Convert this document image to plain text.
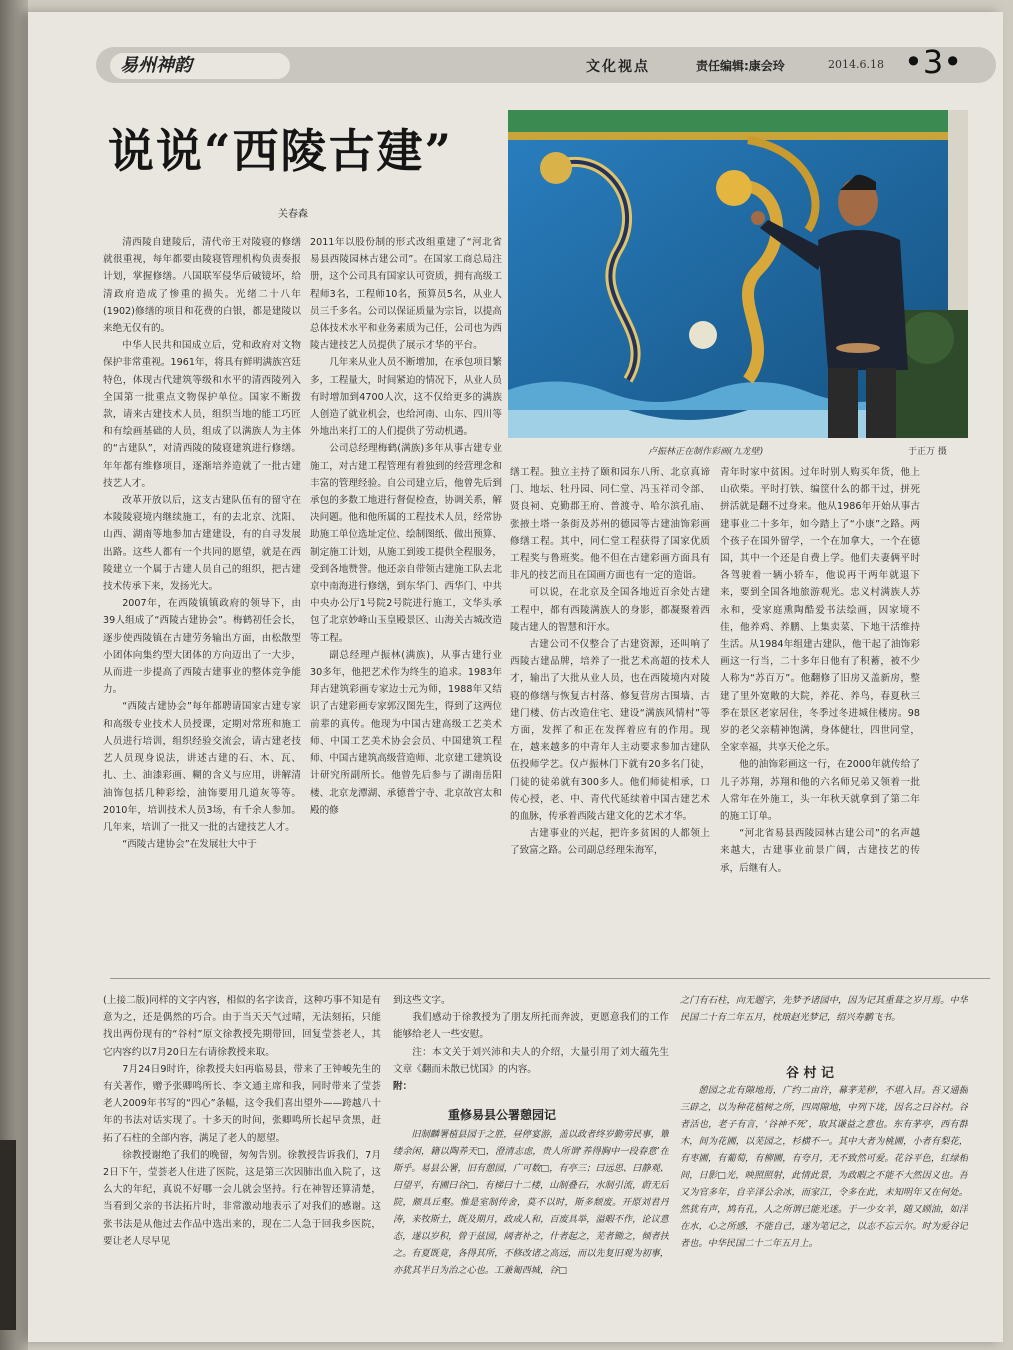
易州神韵	文化视点	责任编辑:康会玲	2014.6.18 •3•
说说“西陵古建”
关春森
卢振林正在制作彩画(九龙壁)	于正万 摄

清西陵自建陵后，清代帝王对陵寝的修缮就很重视，每年都要由陵寝管理机构负责奏报计划，掌握修缮。八国联军侵华后破镜坏，给清政府造成了惨重的损失。光绪二十八年(1902)修缮的项目和花费的白银，都是建陵以来绝无仅有的。

中华人民共和国成立后，党和政府对文物保护非常重视。1961年，将具有鲜明满族宫廷特色，体现古代建筑等级和水平的清西陵列入全国第一批重点文物保护单位。国家不断拨款，请来古建技术人员，组织当地的能工巧匠和有绘画基础的人员，组成了以满族人为主体的“古建队”，对清西陵的陵寝建筑进行修缮。年年都有维修项目，逐渐培养造就了一批古建技艺人才。

改革开放以后，这支古建队伍有的留守在本陵陵寝境内继续施工，有的去北京、沈阳、山西、湖南等地参加古建建设，有的自寻发展出路。这些人都有一个共同的愿望，就是在西陵建立一个属于古建人员自己的组织，把古建技术传承下来，发扬光大。

2007年，在西陵镇镇政府的领导下，由39人组成了“西陵古建协会”。梅鹤初任会长，逐步使西陵镇在古建劳务输出方面，由松散型小团体向集约型大团体的方向迈出了一大步，从而进一步提高了西陵古建事业的整体竞争能力。

“西陵古建协会”每年都聘请国家古建专家和高级专业技术人员授课，定期对常班和施工人员进行培训，组织经验交流会，请古建老技艺人员现身说法，讲述古建的石、木、瓦、扎、土、油漆彩画、糊的含义与应用，讲解清油饰包括几种彩绘，油饰要用几道灰等等。2010年，培训技术人员3场，有千余人参加。几年来，培训了一批又一批的古建技艺人才。

“西陵古建协会”在发展壮大中于

2011年以股份制的形式改组重建了“河北省易县西陵园林古建公司”。在国家工商总局注册，这个公司具有国家认可资质，拥有高级工程师3名，工程师10名，预算员5名，从业人员三千多名。公司以保证质量为宗旨，以提高总体技术水平和业务素质为己任，公司也为西陵古建技艺人员提供了展示才华的平台。

几年来从业人员不断增加，在承包项目繁多，工程量大，时间紧迫的情况下，从业人员有时增加到4700人次，这不仅给更多的满族人创造了就业机会，也给河南、山东、四川等外地出来打工的人们提供了劳动机遇。

公司总经理梅鹤(满族)多年从事古建专业施工，对古建工程管理有着独到的经营理念和丰富的管理经验。自公司建立后，他曾先后到承包的多数工地进行督促检查，协调关系，解决问题。他和他所属的工程技术人员，经常协助施工单位选址定位、绘制图纸、做出预算、制定施工计划，从施工到竣工提供全程服务，受到各地赞誉。他还亲自带领古建施工队去北京中南海进行修缮，到东华门、西华门、中共中央办公厅1号院2号院进行施工，文华头承包了北京妙峰山玉皇殿景区、山海关古城改造等工程。

副总经理卢振林(满族)，从事古建行业30多年，他把艺术作为终生的追求。1983年拜古建筑彩画专家边士元为师，1988年又结识了古建彩画专家郭汉图先生，得到了这两位前辈的真传。他现为中国古建高级工艺美术师、中国工艺美术协会会员、中国建筑工程师、中国古建筑高级营造师、北京建工建筑设计研究所副所长。他曾先后参与了湖南岳阳楼、北京龙潭湖、承德普宁寺、北京故宫太和殿的修

缮工程。独立主持了颐和园东八所、北京真谛门、地坛、牡丹园、同仁堂、冯玉祥司令部、贤良祠、克勤郡王府、普渡寺、哈尔滨孔庙、张掖土塔一条街及苏州的德园等古建油饰彩画修缮工程。其中，同仁堂工程获得了国家优质工程奖与鲁班奖。他不但在古建彩画方面具有非凡的技艺而且在国画方面也有一定的造诣。

可以说，在北京及全国各地近百余处古建工程中，都有西陵满族人的身影，都凝聚着西陵古建人的智慧和汗水。

古建公司不仅整合了古建资源，还叫响了西陵古建品牌，培养了一批艺术高超的技术人才，输出了大批从业人员，也在西陵境内对陵寝的修缮与恢复古村落、修复营房古围墙、古建门楼、仿古改造住宅、建设“满族风情村”等方面，发挥了和正在发挥着应有的作用。现在，越来越多的中青年人主动要求参加古建队伍投师学艺。仅卢振林门下就有20多名门徒，门徒的徒弟就有300多人。他们师徒相承，口传心授，老、中、青代代延续着中国古建艺术的血脉，传承着西陵古建文化的艺术才华。

古建事业的兴起，把许多贫困的人都领上了致富之路。公司副总经理朱海军，

青年时家中贫困。过年时别人购买年货，他上山砍柴。平时打铁、编筐什么的都干过，拼死拼活就是翻不过身来。他从1986年开始从事古建事业二十多年，如今踏上了“小康”之路。两个孩子在国外留学，一个在加拿大，一个在德国，其中一个还是自费上学。他们夫妻俩平时各驾驶着一辆小轿车，他说再干两年就退下来，要到全国各地旅游观光。忠义村满族人苏永和，受家庭熏陶酷爱书法绘画，因家境不佳，他养鸡、养鹏、上集卖菜、下地干活维持生活。从1984年组建古建队，他干起了油饰彩画这一行当，二十多年日他有了积蓄，被不少人称为“苏百万”。他翻修了旧房又盖新房，整建了里外宽敞的大院，养花、养鸟，春夏秋三季在景区老家居住，冬季过冬进城住楼房。98岁的老父亲精神饱满，身体健壮，四世同堂，全家幸福，共享天伦之乐。

他的油饰彩画这一行，在2000年就传给了儿子苏翔，苏翔和他的六名师兄弟又领着一批人常年在外施工，头一年秋天就拿到了第二年的施工订单。

“河北省易县西陵园林古建公司”的名声越来越大，古建事业前景广阔，古建技艺的传承，后继有人。

(上接二版)同样的文字内容，相似的名字读音，这种巧事不知是有意为之，还是偶然的巧合。由于当天天气过晴，无法刻拓，只能找出两份现有的“谷村”原文徐教授先期带回，回复莹荟老人，其它内容约以7月20日左右请徐教授来取。

7月24日9时许，徐教授夫妇再临易县，带来了王钟峻先生的有关著作，赠予张卿鸣所长、李文通主席和我，同时带来了莹荟老人2009年书写的“四心”条幅，这令我们喜出望外——跨越八十年的书法对话实现了。十多天的时间，张卿鸣所长起早贪黑，赶拓了石柱的全部内容，满足了老人的愿望。

徐教授谢绝了我们的晚留，匆匆告别。徐教授告诉我们，7月2日下午，莹荟老人住进了医院，这是第三次因肺出血入院了，这么大的年纪，真说不好哪一会儿就会坚持。行在神智还算清楚，当看到父亲的书法拓片时，非常激动地表示了对我们的感谢。这张书法是从他过去作品中选出来的，现在二人急于回我乡医院，要让老人尽早见

到这些文字。

我们感动于徐教授为了朋友所托而奔波，更愿意我们的工作能够给老人一些安慰。

注：本文关于刘兴沛和夫人的介绍，大量引用了刘大蕴先生文章《翻而未散已忧国》的内容。

附：

重修易县公署憩园记

旧制麟署植县园于之胜，昼停宴游，盖以政者终岁勤劳民事，簟缕余闲，籍以陶养天□，澄清志虑，贵人所谓‘养得胸中一段春意’在斯乎。易县公署，旧有憩园，广可数□，有亭三；曰远思、曰静观、曰望平，有圃曰谷□，有梯曰十二楼，山制叠石，水制引流，蔚无后院，颇具丘壑。惟是室制传舍，莫不以时，斯多颓废。开原刘君丹涛，来牧斯土，既及期月，政成人和，百废具举，溢暇不作，论议意态，遂以岁积，曾于兹园，阔者补之，什者起之，芜者锄之，倾者扶之。有夏既竟，各得其所，不修改诸之高远，而以先复旧观为初事，亦犹其半日为治之心也。工兼匍西城，谷□

之门有石柱，向无题字，先梦予诸园中，因为记其重葺之岁月焉。中华民国二十有二年五月，枕琅赵光梦记，绍兴寿鹏飞书。

谷 村 记

憩园之北有隙地焉，广约二亩许，幕茅芜秽，不堪入目。吾又通掘三辟之，以为种花植树之所，四周隙地，中列下垅，因名之曰谷村。谷者活也，老子有言，‘谷神不死’，取其谦益之意也。东有茅亭，西有群木，间为花圃，以芜园之，杉横不一。其中大者为桃圃，小者有梨花，有枣圃，有葡萄，有柳圃，有夸月，无不致然可爱。花谷平色，红绿相间，日影□光，映照照射，此情此景，为政暇之不能不大然因义也。吾又为官多年，自辛泽公余冰，而家江，令多在此，未知明年又在何处。然犹有声，鸠有孔，人之所谓已能光迷。于一少女羊，随又顾油，如洋在水，心之所感，不能自己，遂为笔记之，以志不忘云尔。时为爱谷记者也。中华民国二十二年五月上。
